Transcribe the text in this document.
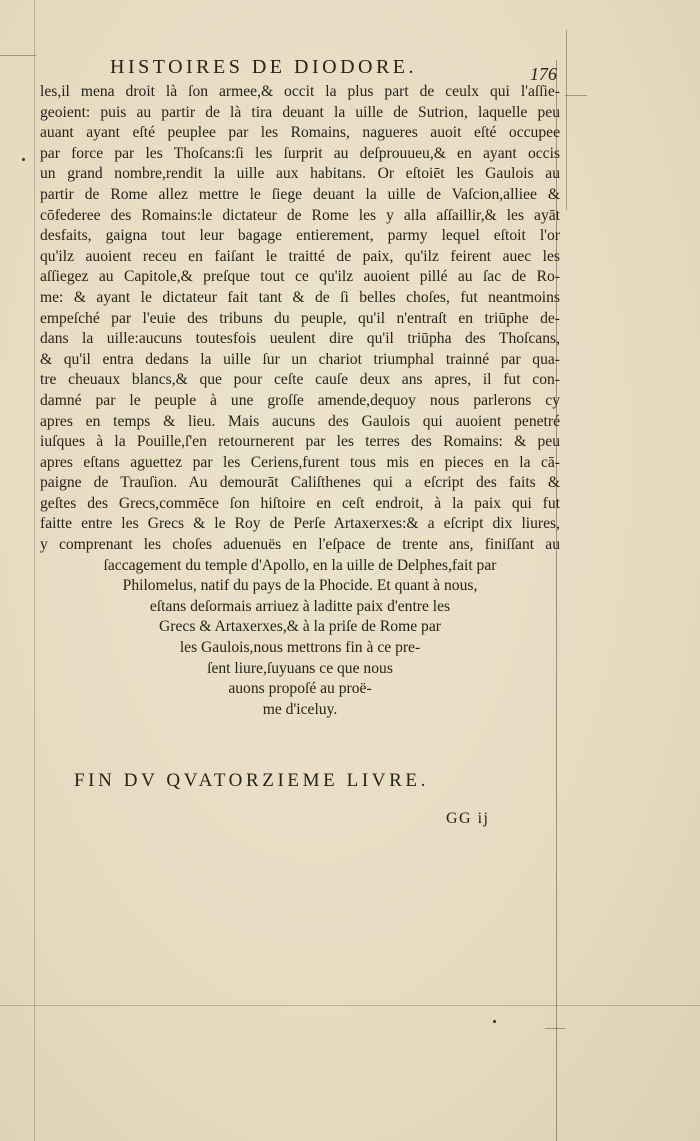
HISTOIRES DE DIODORE.	176
les,il mena droit là ſon armee,& occit la plus part de ceulx qui l'aſſie-
geoient: puis au partir de là tira deuant la uille de Sutrion, laquelle peu
auant ayant eſté peuplee par les Romains, nagueres auoit eſté occupee
par force par les Thoſcans:ſi les ſurprit au deſprouueu,& en ayant occis
un grand nombre,rendit la uille aux habitans. Or eſtoiēt les Gaulois au
partir de Rome allez mettre le ſiege deuant la uille de Vaſcion,alliee &
cōfederee des Romains:le dictateur de Rome les y alla aſſaillir,& les ayāt
desfaits, gaigna tout leur bagage entierement, parmy lequel eſtoit l'or
qu'ilz auoient receu en faiſant le traitté de paix, qu'ilz feirent auec les
aſſiegez au Capitole,& preſque tout ce qu'ilz auoient pillé au ſac de Ro-
me: & ayant le dictateur fait tant & de ſi belles choſes, fut neantmoins
empeſché par l'euie des tribuns du peuple, qu'il n'entraſt en triūphe de-
dans la uille:aucuns toutesfois ueulent dire qu'il triūpha des Thoſcans,
& qu'il entra dedans la uille ſur un chariot triumphal trainné par qua-
tre cheuaux blancs,& que pour ceſte cauſe deux ans apres, il fut con-
damné par le peuple à une groſſe amende,dequoy nous parlerons cy
apres en temps & lieu. Mais aucuns des Gaulois qui auoient penetré
iuſques à la Pouille,ſ'en retournerent par les terres des Romains: & peu
apres eſtans aguettez par les Ceriens,furent tous mis en pieces en la cā-
paigne de Trauſion. Au demourāt Caliſthenes qui a eſcript des faits &
geſtes des Grecs,commēce ſon hiſtoire en ceſt endroit, à la paix qui fut
faitte entre les Grecs & le Roy de Perſe Artaxerxes:& a eſcript dix liures,
y comprenant les choſes aduenuës en l'eſpace de trente ans, finiſſant au
ſaccagement du temple d'Apollo, en la uille de Delphes,fait par
Philomelus, natif du pays de la Phocide. Et quant à nous,
eſtans deſormais arriuez à laditte paix d'entre les
Grecs & Artaxerxes,& à la priſe de Rome par
les Gaulois,nous mettrons fin à ce pre-
ſent liure,ſuyuans ce que nous
auons propoſé au proë-
me d'iceluy.
FIN DV QVATORZIEME LIVRE.
GG ij
